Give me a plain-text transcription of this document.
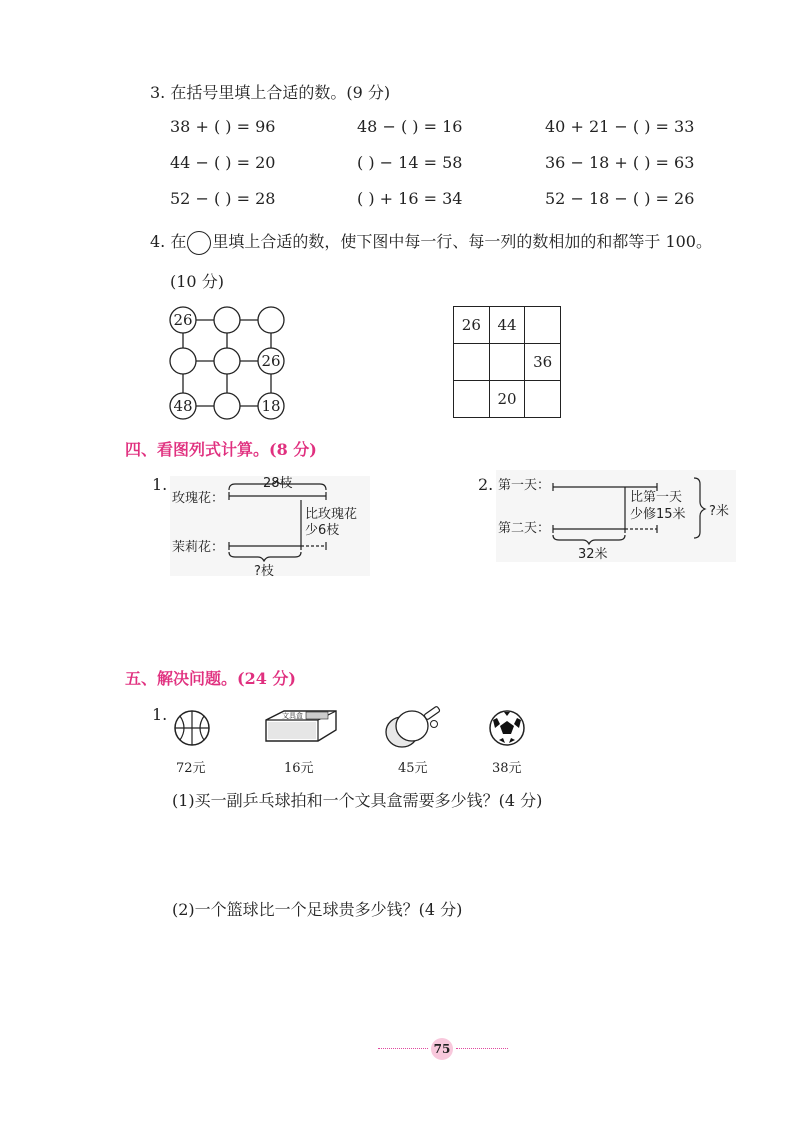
3. 在括号里填上合适的数。(9 分)
38 + ( ) = 96	48 − ( ) = 16	40 + 21 − ( ) = 33
44 − ( ) = 20	( ) − 14 = 58	36 − 18 + ( ) = 63
52 − ( ) = 28	( ) + 16 = 34	52 − 18 − ( ) = 26
4. 在 里填上合适的数，使下图中每一行、每一列的数相加的和都等于 100。
(10 分)
26
26
48	18
26	44	
		36
	20	
四、看图列式计算。(8 分)
1.
玫瑰花：
28枝
茉莉花：
比玫瑰花
少6枝
?枝
2. 第一天：
第二天：
比第一天
少修15米 ?米
32米
五、解决问题。(24 分)
1.
72元
文具盒
16元	45元	38元
(1)买一副乒乓球拍和一个文具盒需要多少钱？(4 分)
(2)一个篮球比一个足球贵多少钱？(4 分)
75
